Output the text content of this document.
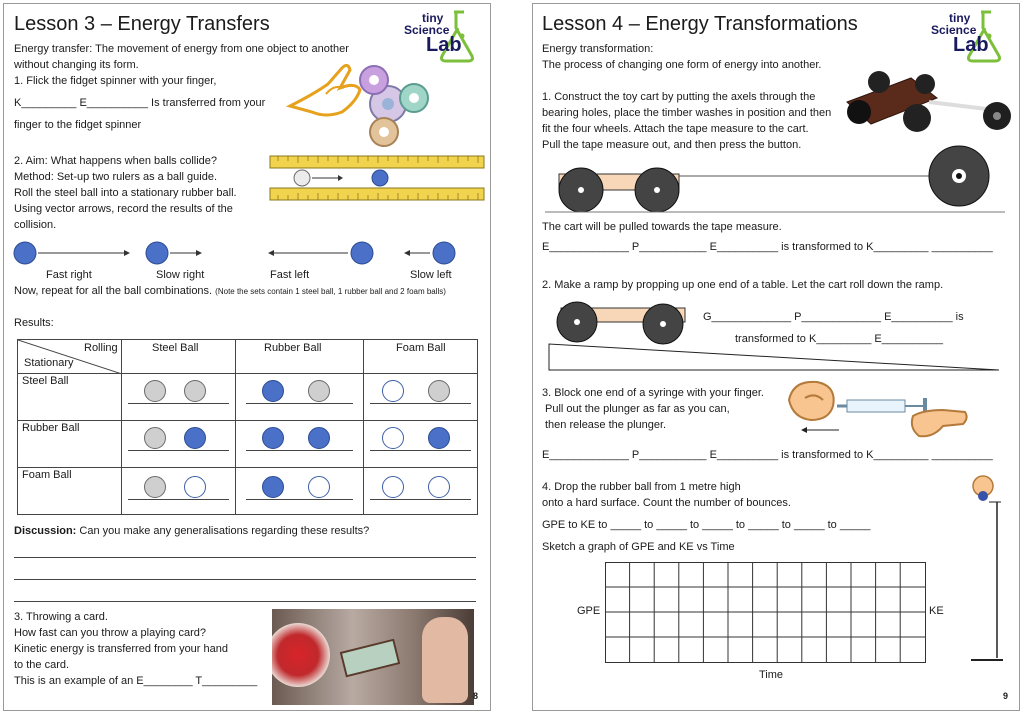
Lesson 3 – Energy Transfers	tiny
Science
Lab
Energy transfer: The movement of energy from one object to another
without changing its form.
1. Flick the fidget spinner with your finger,
K_________ E__________ Is transferred from your
finger to the fidget spinner
2. Aim: What happens when balls collide?
Method: Set-up two rulers as a ball guide.
Roll the steel ball into a stationary rubber ball.
Using vector arrows, record the results of the
collision.
Fast right	Slow right	Fast left	Slow left
Now, repeat for all the ball combinations. (Note the sets contain 1 steel ball, 1 rubber ball and 2 foam balls)
Results:
Rolling
Stationary	Steel Ball	Rubber Ball	Foam Ball

Steel Ball			

Rubber Ball			

Foam Ball			

Discussion: Can you make any generalisations regarding these results?
3. Throwing a card.
How fast can you throw a playing card?
Kinetic energy is transferred from your hand
to the card.
This is an example of an E________ T_________
8
Lesson 4 – Energy Transformations	tiny
Science
Lab
Energy transformation:
The process of changing one form of energy into another.
1. Construct the toy cart by putting the axels through the
bearing holes, place the timber washes in position and then
fit the four wheels. Attach the tape measure to the cart.
Pull the tape measure out, and then press the button.
The cart will be pulled towards the tape measure.
E_____________ P___________ E__________ is transformed to K_________ __________
2. Make a ramp by propping up one end of a table. Let the cart roll down the ramp.
G_____________ P_____________ E__________ is
transformed to K_________ E__________
3. Block one end of a syringe with your finger.
Pull out the plunger as far as you can,
then release the plunger.
E_____________ P___________ E__________ is transformed to K_________ __________
4. Drop the rubber ball from 1 metre high
onto a hard surface. Count the number of bounces.
GPE to KE to _____ to _____ to _____ to _____ to _____ to _____
Sketch a graph of GPE and KE vs Time
GPE	KE
Time
9
